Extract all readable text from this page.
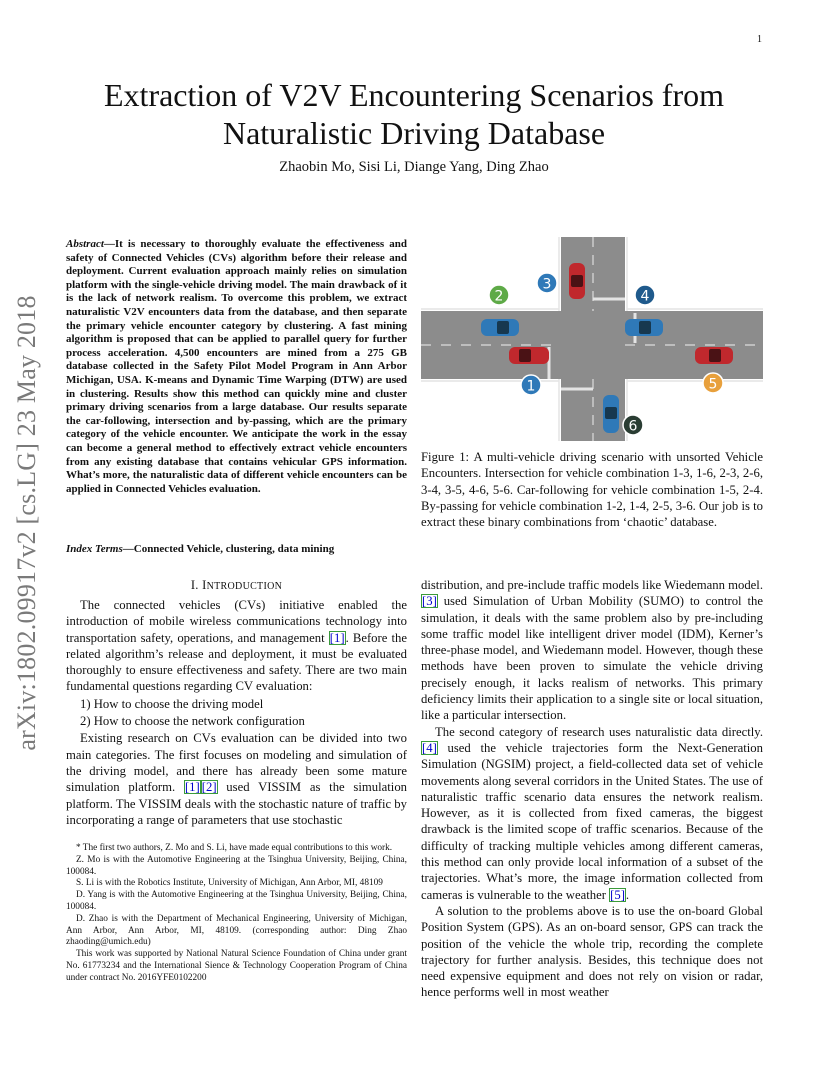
1
arXiv:1802.09917v2 [cs.LG] 23 May 2018
Extraction of V2V Encountering Scenarios from Naturalistic Driving Database
Zhaobin Mo, Sisi Li, Diange Yang, Ding Zhao
Abstract—It is necessary to thoroughly evaluate the effectiveness and safety of Connected Vehicles (CVs) algorithm before their release and deployment. Current evaluation approach mainly relies on simulation platform with the single-vehicle driving model. The main drawback of it is the lack of network realism. To overcome this problem, we extract naturalistic V2V encounters data from the database, and then separate the primary vehicle encounter category by clustering. A fast mining algorithm is proposed that can be applied to parallel query for further process acceleration. 4,500 encounters are mined from a 275 GB database collected in the Safety Pilot Model Program in Ann Arbor Michigan, USA. K-means and Dynamic Time Warping (DTW) are used in clustering. Results show this method can quickly mine and cluster primary driving scenarios from a large database. Our results separate the car-following, intersection and by-passing, which are the primary category of the vehicle encounter. We anticipate the work in the essay can become a general method to effectively extract vehicle encounters from any existing database that contains vehicular GPS information. What’s more, the naturalistic data of different vehicle encounters can be applied in Connected Vehicles evaluation.
Index Terms—Connected Vehicle, clustering, data mining
I. INTRODUCTION

The connected vehicles (CVs) initiative enabled the introduction of mobile wireless communications technology into transportation safety, operations, and management [1]. Before the related algorithm’s release and deployment, it must be evaluated thoroughly to ensure effectiveness and safety. There are two main fundamental questions regarding CV evaluation:

1) How to choose the driving model
2) How to choose the network configuration

Existing research on CVs evaluation can be divided into two main categories. The first focuses on modeling and simulation of the driving model, and there has already been some mature simulation platform. [1] [2] used VISSIM as the simulation platform. The VISSIM deals with the stochastic nature of traffic by incorporating a range of parameters that use stochastic

* The first two authors, Z. Mo and S. Li, have made equal contributions to this work.

Z. Mo is with the Automotive Engineering at the Tsinghua University, Beijing, China, 100084.

S. Li is with the Robotics Institute, University of Michigan, Ann Arbor, MI, 48109

D. Yang is with the Automotive Engineering at the Tsinghua University, Beijing, China, 100084.

D. Zhao is with the Department of Mechanical Engineering, University of Michigan, Ann Arbor, Ann Arbor, MI, 48109. (corresponding author: Ding Zhao zhaoding@umich.edu)

This work was supported by National Natural Science Foundation of China under grant No. 61773234 and the International Sience & Technology Cooperation Program of China under contract No. 2016YFE0102200

1
2
3
4
5
6
Figure 1: A multi-vehicle driving scenario with unsorted Vehicle Encounters. Intersection for vehicle combination 1-3, 1-6, 2-3, 2-6, 3-4, 3-5, 4-6, 5-6. Car-following for vehicle combination 1-5, 2-4. By-passing for vehicle combination 1-2, 1-4, 2-5, 3-6. Our job is to extract these binary combinations from ‘chaotic’ database.

distribution, and pre-include traffic models like Wiedemann model. [3] used Simulation of Urban Mobility (SUMO) to control the simulation, it deals with the same problem also by pre-including some traffic model like intelligent driver model (IDM), Kerner’s three-phase model, and Wiedemann model. However, though these methods have been proven to simulate the vehicle driving precisely enough, it lacks realism of networks. This primary deficiency limits their application to a single site or local situation, like a particular intersection.

The second category of research uses naturalistic data directly. [4] used the vehicle trajectories form the Next-Generation Simulation (NGSIM) project, a field-collected data set of vehicle movements along several corridors in the United States. The use of naturalistic traffic scenario data ensures the network realism. However, as it is collected from fixed cameras, the biggest drawback is the limited scope of traffic scenarios. Because of the difficulty of tracking multiple vehicles among different cameras, this method can only provide local information of a subset of the trajectories. What’s more, the image information collected from cameras is vulnerable to the weather [5].

A solution to the problems above is to use the on-board Global Position System (GPS). As an on-board sensor, GPS can track the position of the vehicle the whole trip, recording the complete trajectory for further analysis. Besides, this technique does not need expensive equipment and does not rely on vision or radar, hence performs well in most weather
